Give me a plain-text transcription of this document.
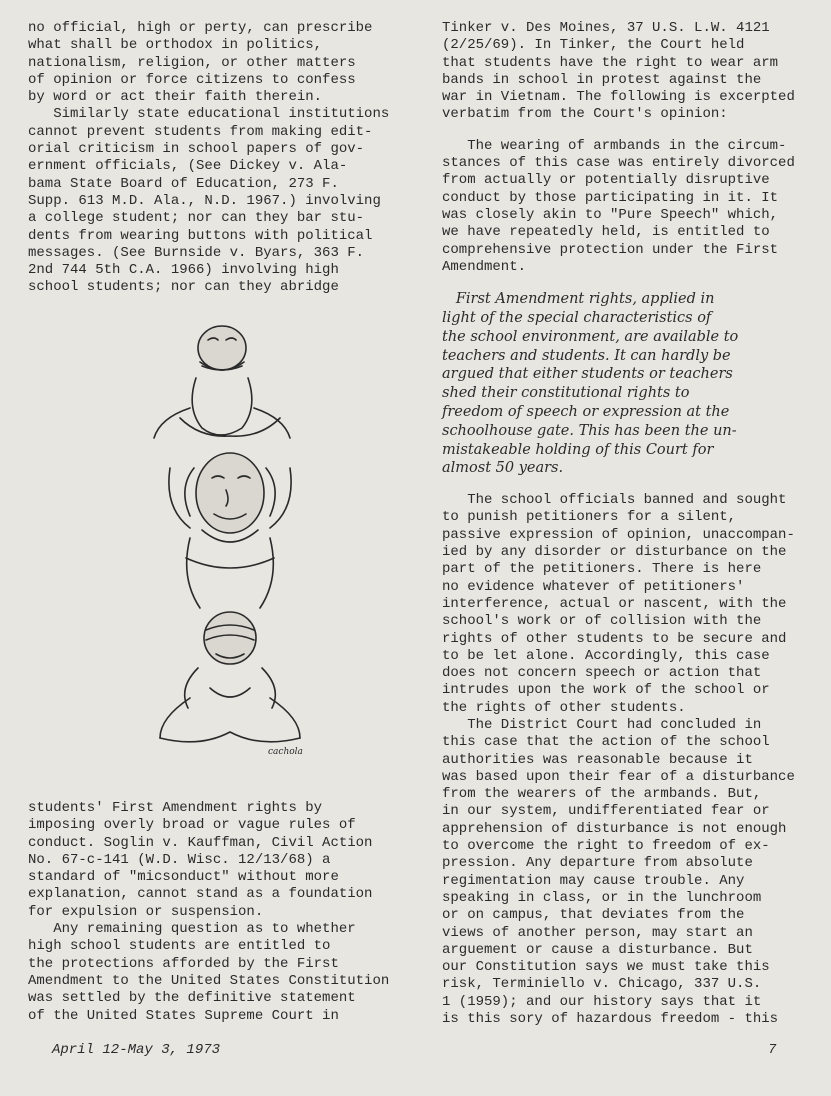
no official, high or perty, can prescribe
what shall be orthodox in politics,
nationalism, religion, or other matters
of opinion or force citizens to confess
by word or act their faith therein.
Similarly state educational institutions
cannot prevent students from making edit-
orial criticism in school papers of gov-
ernment officials, (See Dickey v. Ala-
bama State Board of Education, 273 F.
Supp. 613 M.D. Ala., N.D. 1967.) involving
a college student; nor can they bar stu-
dents from wearing buttons with political
messages. (See Burnside v. Byars, 363 F.
2nd 744 5th C.A. 1966) involving high
school students; nor can they abridge
cachola
students' First Amendment rights by
imposing overly broad or vague rules of
conduct. Soglin v. Kauffman, Civil Action
No. 67-c-141 (W.D. Wisc. 12/13/68) a
standard of "micsonduct" without more
explanation, cannot stand as a foundation
for expulsion or suspension.
Any remaining question as to whether
high school students are entitled to
the protections afforded by the First
Amendment to the United States Constitution
was settled by the definitive statement
of the United States Supreme Court in
Tinker v. Des Moines, 37 U.S. L.W. 4121
(2/25/69). In Tinker, the Court held
that students have the right to wear arm
bands in school in protest against the
war in Vietnam. The following is excerpted
verbatim from the Court's opinion:
The wearing of armbands in the circum-
stances of this case was entirely divorced
from actually or potentially disruptive
conduct by those participating in it. It
was closely akin to "Pure Speech" which,
we have repeatedly held, is entitled to
comprehensive protection under the First
Amendment.
First Amendment rights, applied in
light of the special characteristics of
the school environment, are available to
teachers and students. It can hardly be
argued that either students or teachers
shed their constitutional rights to
freedom of speech or expression at the
schoolhouse gate. This has been the un-
mistakeable holding of this Court for
almost 50 years.
The school officials banned and sought
to punish petitioners for a silent,
passive expression of opinion, unaccompan-
ied by any disorder or disturbance on the
part of the petitioners. There is here
no evidence whatever of petitioners'
interference, actual or nascent, with the
school's work or of collision with the
rights of other students to be secure and
to be let alone. Accordingly, this case
does not concern speech or action that
intrudes upon the work of the school or
the rights of other students.
The District Court had concluded in
this case that the action of the school
authorities was reasonable because it
was based upon their fear of a disturbance
from the wearers of the armbands. But,
in our system, undifferentiated fear or
apprehension of disturbance is not enough
to overcome the right to freedom of ex-
pression. Any departure from absolute
regimentation may cause trouble. Any
speaking in class, or in the lunchroom
or on campus, that deviates from the
views of another person, may start an
arguement or cause a disturbance. But
our Constitution says we must take this
risk, Terminiello v. Chicago, 337 U.S.
1 (1959); and our history says that it
is this sory of hazardous freedom - this
April 12-May 3, 1973	7
